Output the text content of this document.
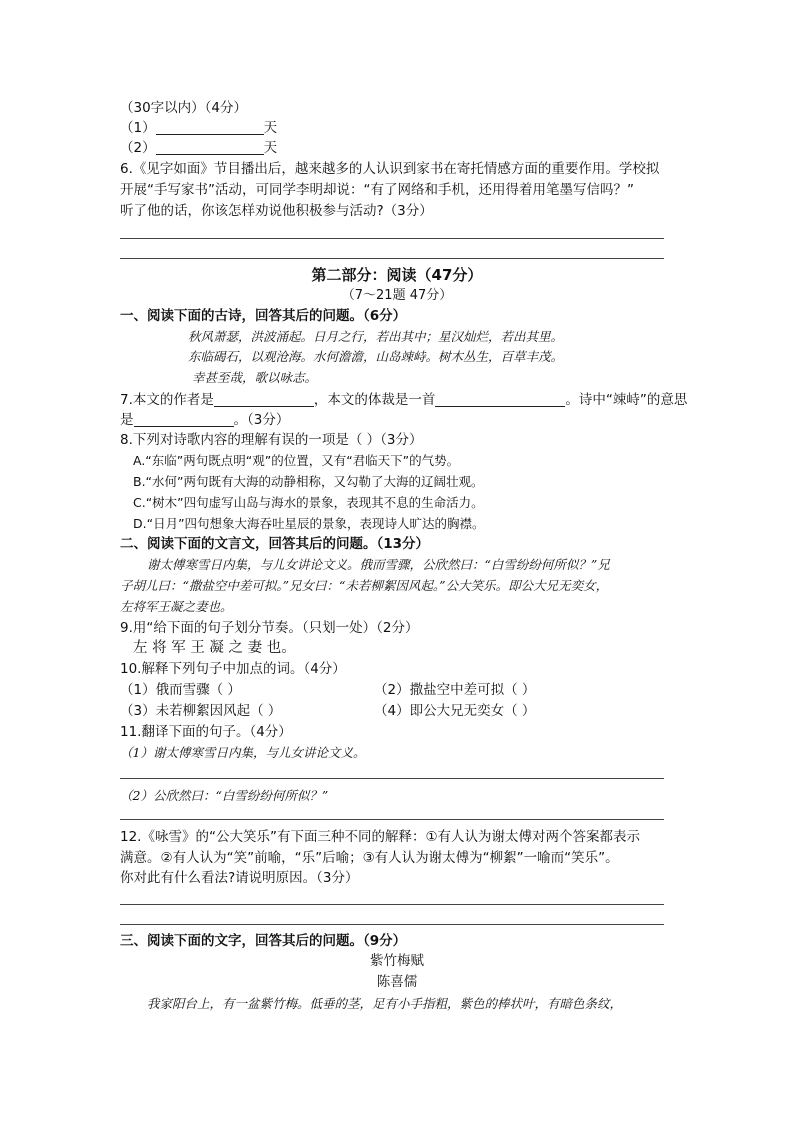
（30字以内）（4分）
（1）	天
（2）	天
6.《见字如面》节目播出后，越来越多的人认识到家书在寄托情感方面的重要作用。学校拟
开展“手写家书”活动，可同学李明却说：“有了网络和手机，还用得着用笔墨写信吗？”
听了他的话，你该怎样劝说他积极参与活动?（3分）
第二部分：阅读（47分）
（7～21题 47分）
一、阅读下面的古诗，回答其后的问题。（6分）
秋风萧瑟，洪波涌起。日月之行，若出其中；星汉灿烂，若出其里。
东临碣石，以观沧海。水何澹澹，山岛竦峙。树木丛生，百草丰茂。
幸甚至哉，歌以咏志。
7.本文的作者是	，本文的体裁是一首	。诗中“竦峙”的意思
是	。（3分）
8.下列对诗歌内容的理解有误的一项是（ ）（3分）
A.“东临”两句既点明“观”的位置，又有“君临天下”的气势。
B.“水何”两句既有大海的动静相称，又勾勒了大海的辽阔壮观。
C.“树木”四句虚写山岛与海水的景象，表现其不息的生命活力。
D.“日月”四句想象大海吞吐星辰的景象，表现诗人旷达的胸襟。
二、阅读下面的文言文，回答其后的问题。（13分）
谢太傅寒雪日内集，与儿女讲论文义。俄而雪骤，公欣然曰：“白雪纷纷何所似？”兄
子胡儿曰：“撒盐空中差可拟。”兄女曰：“未若柳絮因风起。”公大笑乐。即公大兄无奕女，
左将军王凝之妻也。
9.用“给下面的句子划分节奏。（只划一处）（2分）
左 将 军 王 凝 之 妻 也。
10.解释下列句子中加点的词。（4分）
（1）俄而雪骤（ ）	（2）撒盐空中差可拟（ ）
（3）未若柳絮因风起（ ）	（4）即公大兄无奕女（ ）
11.翻译下面的句子。（4分）
（1）谢太傅寒雪日内集，与儿女讲论文义。
（2）公欣然曰：“白雪纷纷何所似？”
12.《咏雪》的“公大笑乐”有下面三种不同的解释：①有人认为谢太傅对两个答案都表示
满意。②有人认为“笑”前喻，“乐”后喻；③有人认为谢太傅为“柳絮”一喻而“笑乐”。
你对此有什么看法?请说明原因。（3分）
三、阅读下面的文字，回答其后的问题。（9分）
紫竹梅赋
陈喜儒
我家阳台上，有一盆紫竹梅。低垂的茎，足有小手指粗，紫色的棒状叶，有暗色条纹，
